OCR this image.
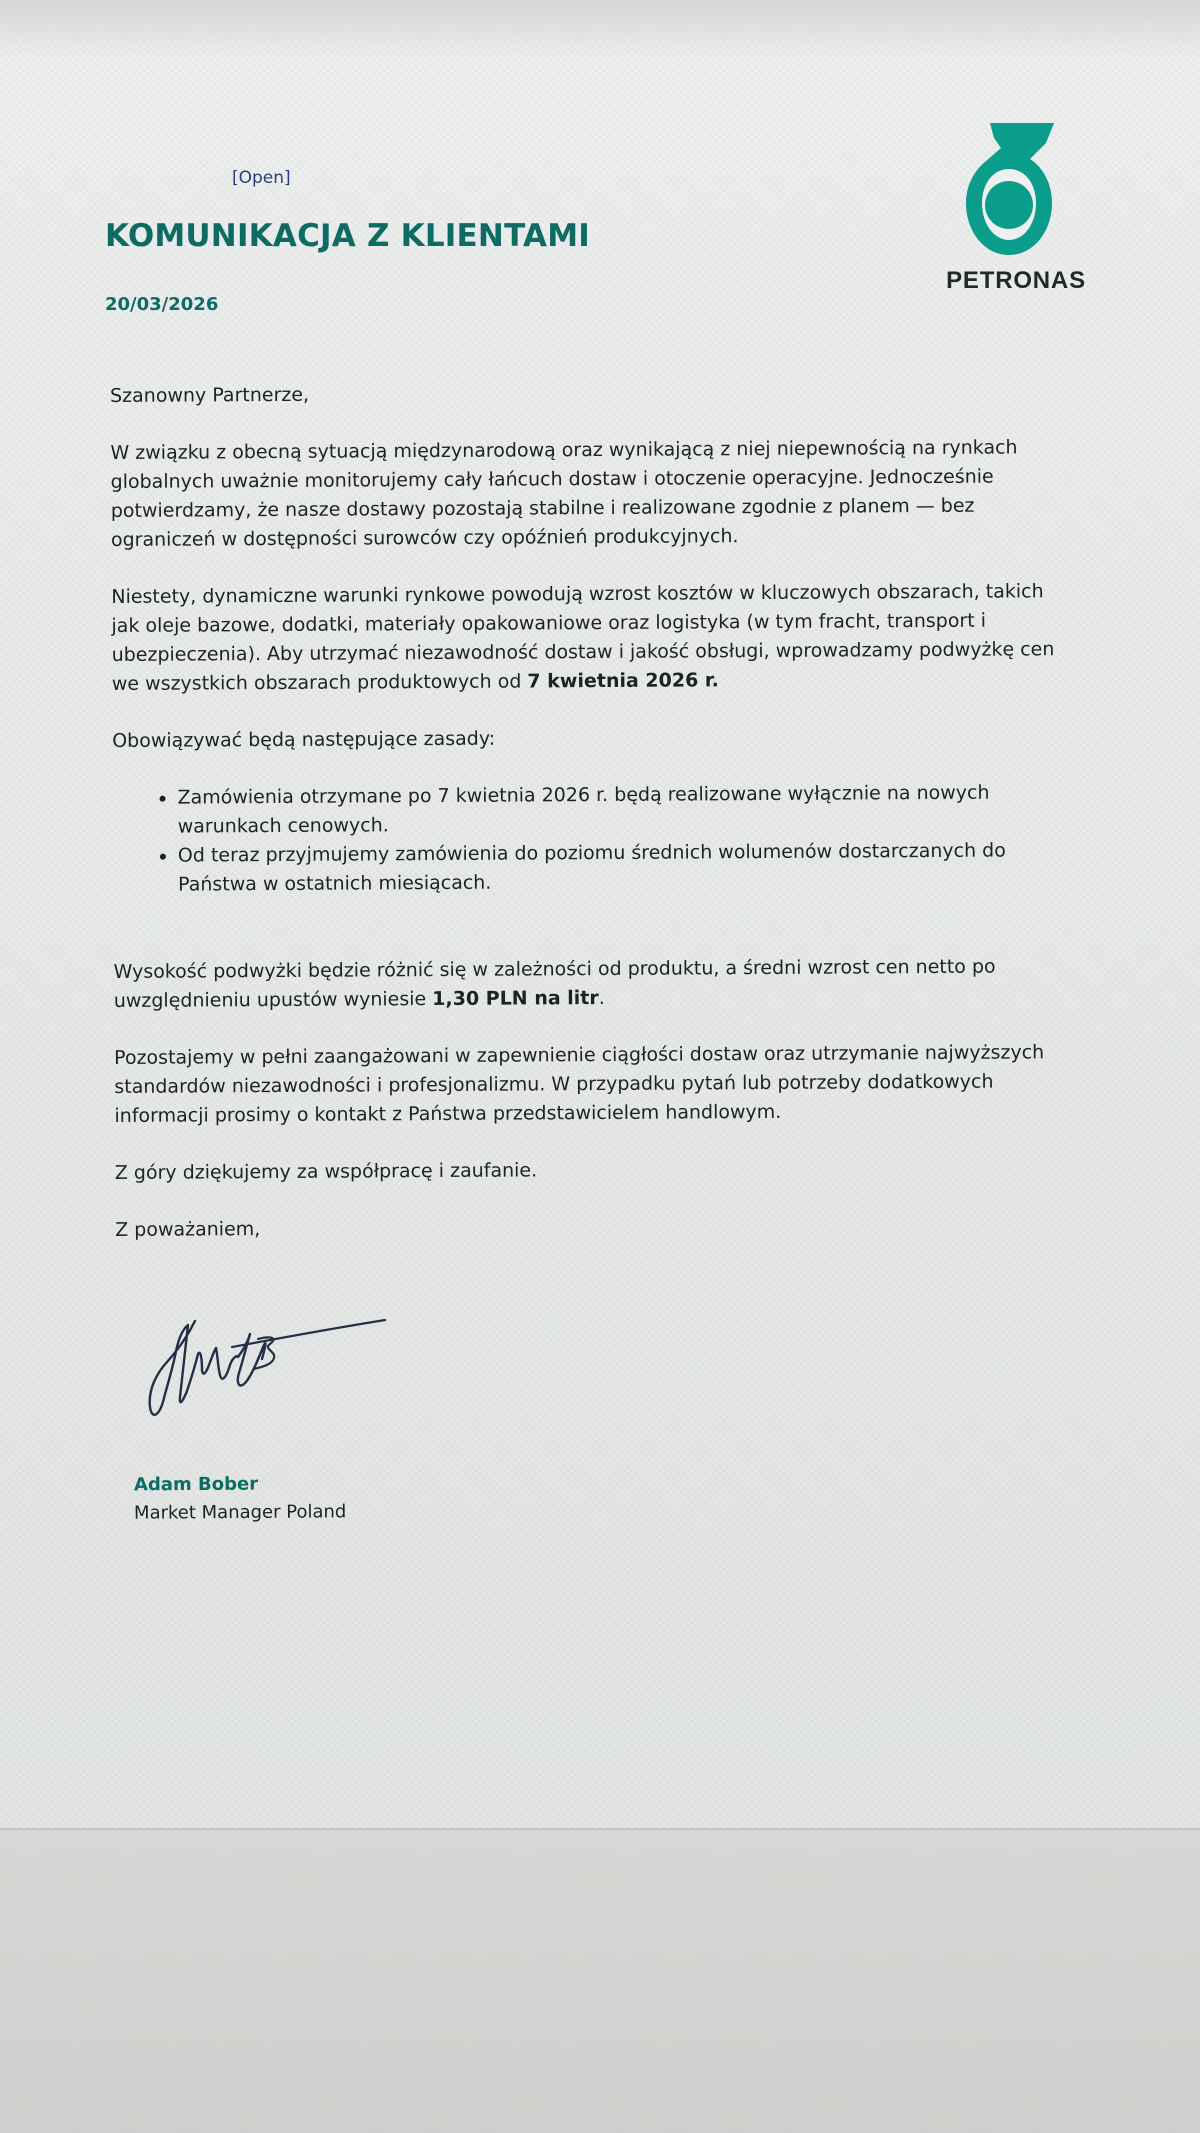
[Open]
KOMUNIKACJA Z KLIENTAMI
20/03/2026
PETRONAS

Szanowny Partnerze,

W związku z obecną sytuacją międzynarodową oraz wynikającą z niej niepewnością na rynkach globalnych uważnie monitorujemy cały łańcuch dostaw i otoczenie operacyjne. Jednocześnie potwierdzamy, że nasze dostawy pozostają stabilne i realizowane zgodnie z planem — bez ograniczeń w dostępności surowców czy opóźnień produkcyjnych.

Niestety, dynamiczne warunki rynkowe powodują wzrost kosztów w kluczowych obszarach, takich jak oleje bazowe, dodatki, materiały opakowaniowe oraz logistyka (w tym fracht, transport i ubezpieczenia). Aby utrzymać niezawodność dostaw i jakość obsługi, wprowadzamy podwyżkę cen we wszystkich obszarach produktowych od 7 kwietnia 2026 r.

Obowiązywać będą następujące zasady:

• Zamówienia otrzymane po 7 kwietnia 2026 r. będą realizowane wyłącznie na nowych warunkach cenowych.
• Od teraz przyjmujemy zamówienia do poziomu średnich wolumenów dostarczanych do Państwa w ostatnich miesiącach.

Wysokość podwyżki będzie różnić się w zależności od produktu, a średni wzrost cen netto po uwzględnieniu upustów wyniesie 1,30 PLN na litr.

Pozostajemy w pełni zaangażowani w zapewnienie ciągłości dostaw oraz utrzymanie najwyższych standardów niezawodności i profesjonalizmu. W przypadku pytań lub potrzeby dodatkowych informacji prosimy o kontakt z Państwa przedstawicielem handlowym.

Z góry dziękujemy za współpracę i zaufanie.

Z poważaniem,

Adam Bober
Market Manager Poland
